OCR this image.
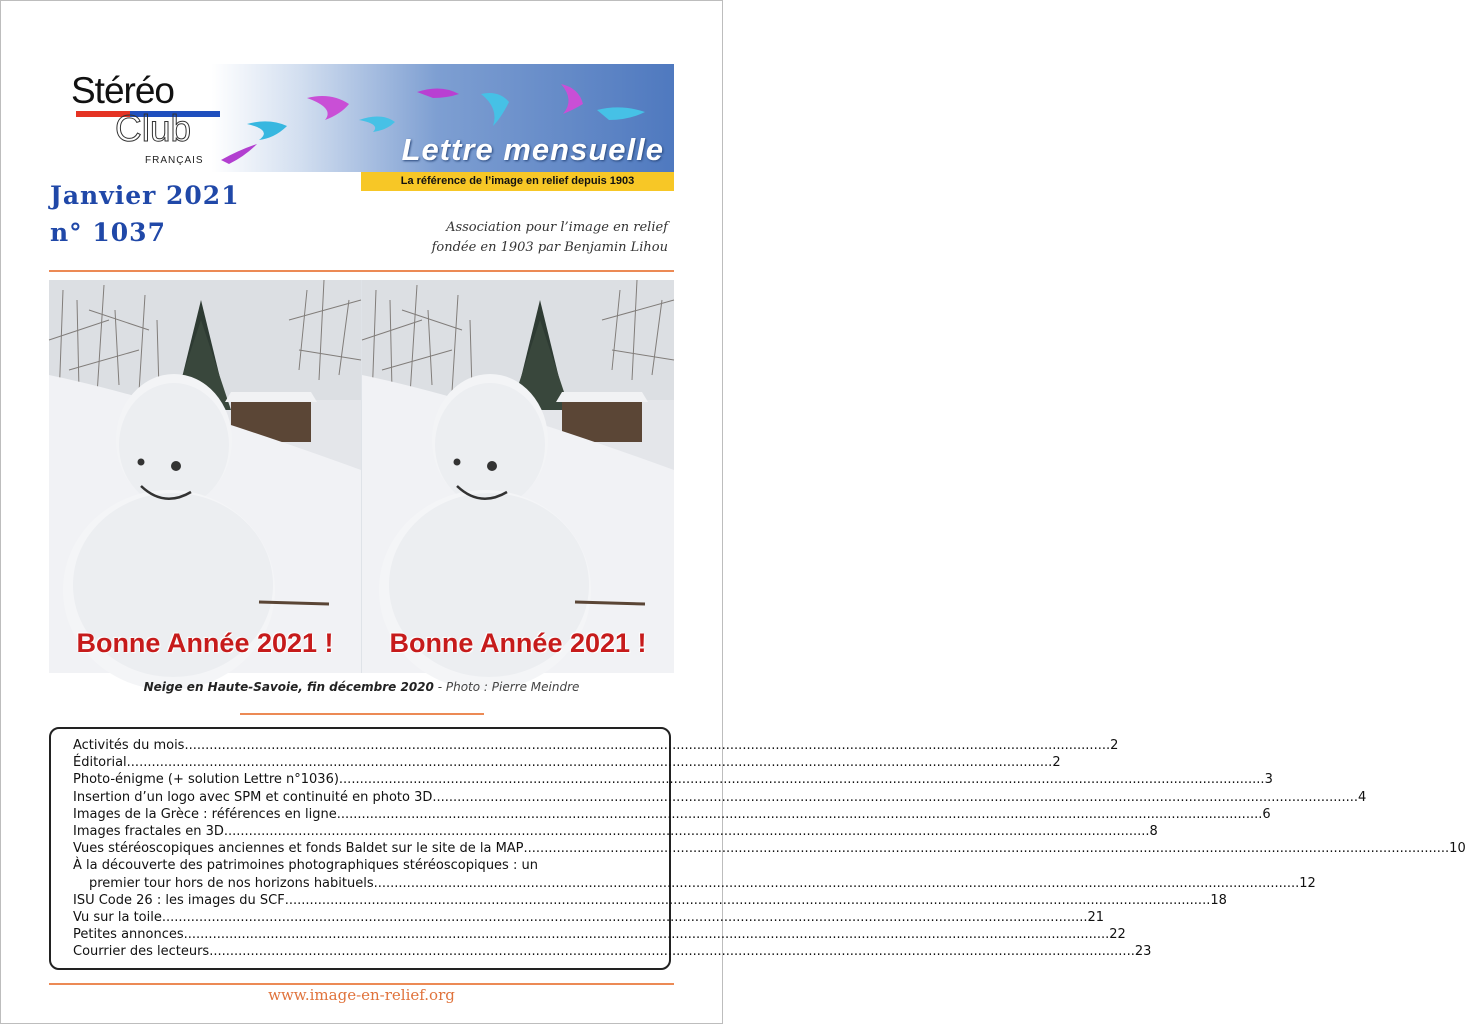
Stéréo
Club
FRANÇAIS	Lettre mensuelle
La référence de l’image en relief depuis 1903
Janvier 2021
n° 1037	Association pour l’image en relief
fondée en 1903 par Benjamin Lihou
Bonne Année 2021 !	Bonne Année 2021 !
Neige en Haute-Savoie, fin décembre 2020 - Photo : Pierre Meindre
Activités du mois .....	2
Éditorial .....	2
Photo-énigme (+ solution Lettre n°1036) .....	3
Insertion d’un logo avec SPM et continuité en photo 3D .....	4
Images de la Grèce : références en ligne .....	6
Images fractales en 3D .....	8
Vues stéréoscopiques anciennes et fonds Baldet sur le site de la MAP .....	10
À la découverte des patrimoines photographiques stéréoscopiques : un
premier tour hors de nos horizons habituels .....	12
ISU Code 26 : les images du SCF .....	18
Vu sur la toile .....	21
Petites annonces .....	22
Courrier des lecteurs .....	23
www.image-en-relief.org
